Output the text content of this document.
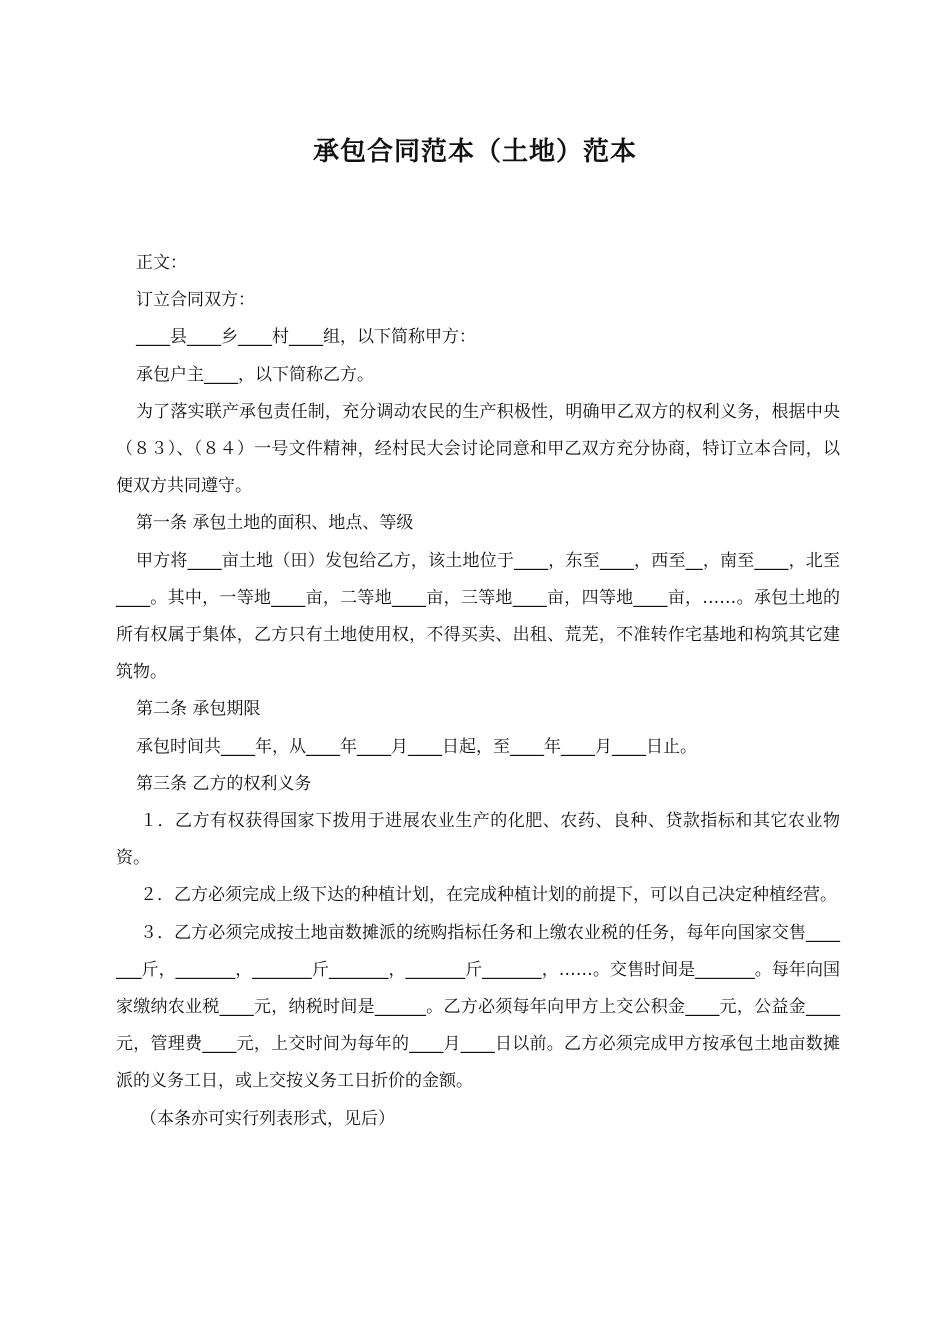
承包合同范本（土地）范本

正文：

订立合同双方：

____县____乡____村____组，以下简称甲方：

承包户主____，以下简称乙方。

为了落实联产承包责任制，充分调动农民的生产积极性，明确甲乙双方的权利义务，根据中央（８３）、（８４）一号文件精神，经村民大会讨论同意和甲乙双方充分协商，特订立本合同，以便双方共同遵守。

第一条 承包土地的面积、地点、等级

甲方将____亩土地（田）发包给乙方，该土地位于____，东至____，西至__，南至____，北至____。其中，一等地____亩，二等地____亩，三等地____亩，四等地____亩，……。承包土地的所有权属于集体，乙方只有土地使用权，不得买卖、出租、荒芜，不准转作宅基地和构筑其它建筑物。

第二条 承包期限

承包时间共____年，从____年____月____日起，至____年____月____日止。

第三条 乙方的权利义务

１．乙方有权获得国家下拨用于进展农业生产的化肥、农药、良种、贷款指标和其它农业物资。

２．乙方必须完成上级下达的种植计划，在完成种植计划的前提下，可以自己决定种植经营。

３．乙方必须完成按土地亩数摊派的统购指标任务和上缴农业税的任务，每年向国家交售_______斤，_______，_______斤_______，_______斤_______，……。交售时间是_______。每年向国家缴纳农业税____元，纳税时间是______。乙方必须每年向甲方上交公积金____元，公益金____元，管理费____元，上交时间为每年的____月____日以前。乙方必须完成甲方按承包土地亩数摊派的义务工日，或上交按义务工日折价的金额。

（本条亦可实行列表形式，见后）
